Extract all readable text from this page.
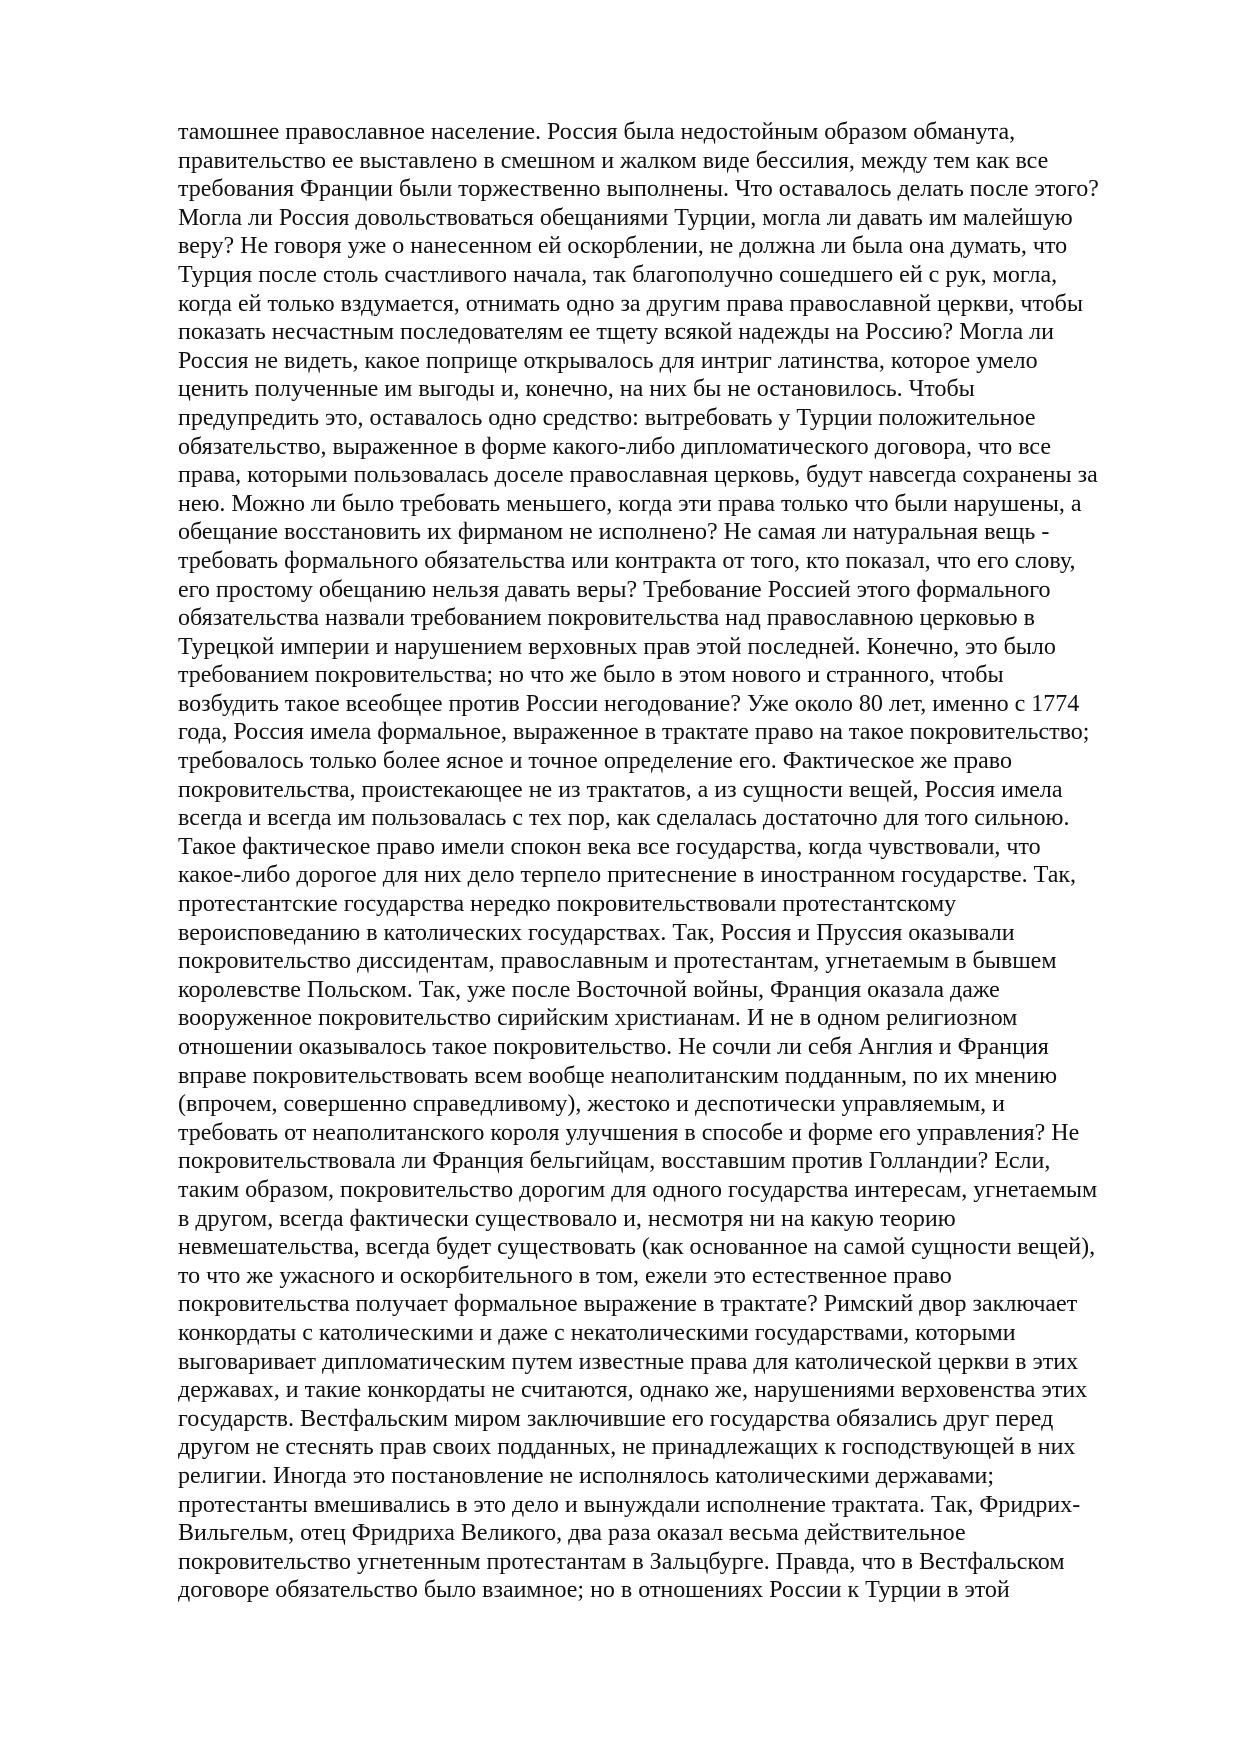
тамошнее православное население. Россия была недостойным образом обманута,
правительство ее выставлено в смешном и жалком виде бессилия, между тем как все
требования Франции были торжественно выполнены. Что оставалось делать после этого?
Могла ли Россия довольствоваться обещаниями Турции, могла ли давать им малейшую
веру? Не говоря уже о нанесенном ей оскорблении, не должна ли была она думать, что
Турция после столь счастливого начала, так благополучно сошедшего ей с рук, могла,
когда ей только вздумается, отнимать одно за другим права православной церкви, чтобы
показать несчастным последователям ее тщету всякой надежды на Россию? Могла ли
Россия не видеть, какое поприще открывалось для интриг латинства, которое умело
ценить полученные им выгоды и, конечно, на них бы не остановилось. Чтобы
предупредить это, оставалось одно средство: вытребовать у Турции положительное
обязательство, выраженное в форме какого-либо дипломатического договора, что все
права, которыми пользовалась доселе православная церковь, будут навсегда сохранены за
нею. Можно ли было требовать меньшего, когда эти права только что были нарушены, а
обещание восстановить их фирманом не исполнено? Не самая ли натуральная вещь -
требовать формального обязательства или контракта от того, кто показал, что его слову,
его простому обещанию нельзя давать веры? Требование Россией этого формального
обязательства назвали требованием покровительства над православною церковью в
Турецкой империи и нарушением верховных прав этой последней. Конечно, это было
требованием покровительства; но что же было в этом нового и странного, чтобы
возбудить такое всеобщее против России негодование? Уже около 80 лет, именно с 1774
года, Россия имела формальное, выраженное в трактате право на такое покровительство;
требовалось только более ясное и точное определение его. Фактическое же право
покровительства, проистекающее не из трактатов, а из сущности вещей, Россия имела
всегда и всегда им пользовалась с тех пор, как сделалась достаточно для того сильною.
Такое фактическое право имели спокон века все государства, когда чувствовали, что
какое-либо дорогое для них дело терпело притеснение в иностранном государстве. Так,
протестантские государства нередко покровительствовали протестантскому
вероисповеданию в католических государствах. Так, Россия и Пруссия оказывали
покровительство диссидентам, православным и протестантам, угнетаемым в бывшем
королевстве Польском. Так, уже после Восточной войны, Франция оказала даже
вооруженное покровительство сирийским христианам. И не в одном религиозном
отношении оказывалось такое покровительство. Не сочли ли себя Англия и Франция
вправе покровительствовать всем вообще неаполитанским подданным, по их мнению
(впрочем, совершенно справедливому), жестоко и деспотически управляемым, и
требовать от неаполитанского короля улучшения в способе и форме его управления? Не
покровительствовала ли Франция бельгийцам, восставшим против Голландии? Если,
таким образом, покровительство дорогим для одного государства интересам, угнетаемым
в другом, всегда фактически существовало и, несмотря ни на какую теорию
невмешательства, всегда будет существовать (как основанное на самой сущности вещей),
то что же ужасного и оскорбительного в том, ежели это естественное право
покровительства получает формальное выражение в трактате? Римский двор заключает
конкордаты с католическими и даже с некатолическими государствами, которыми
выговаривает дипломатическим путем известные права для католической церкви в этих
державах, и такие конкордаты не считаются, однако же, нарушениями верховенства этих
государств. Вестфальским миром заключившие его государства обязались друг перед
другом не стеснять прав своих подданных, не принадлежащих к господствующей в них
религии. Иногда это постановление не исполнялось католическими державами;
протестанты вмешивались в это дело и вынуждали исполнение трактата. Так, Фридрих-
Вильгельм, отец Фридриха Великого, два раза оказал весьма действительное
покровительство угнетенным протестантам в Зальцбурге. Правда, что в Вестфальском
договоре обязательство было взаимное; но в отношениях России к Турции в этой
